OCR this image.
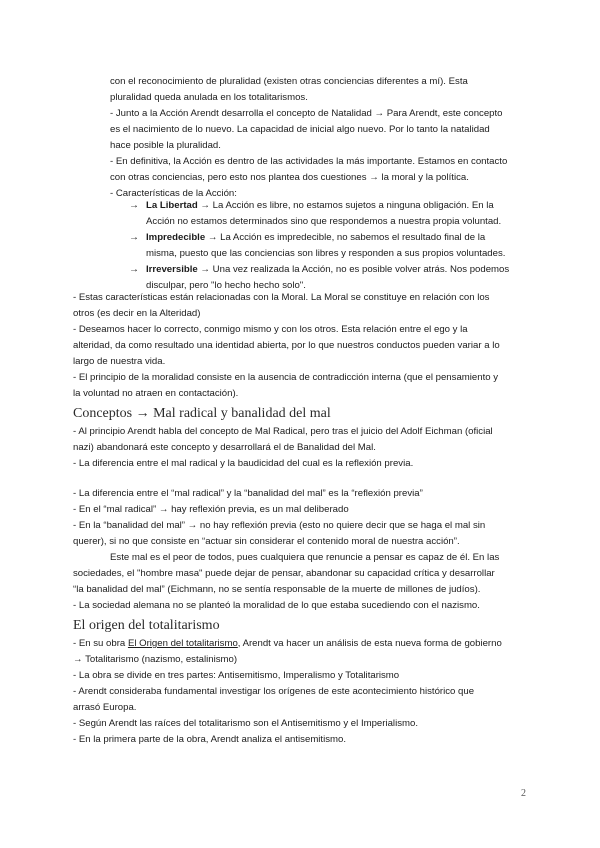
con el reconocimiento de pluralidad (existen otras conciencias diferentes a mí). Esta
pluralidad queda anulada en los totalitarismos.
- Junto a la Acción Arendt desarrolla el concepto de Natalidad → Para Arendt, este concepto
es el nacimiento de lo nuevo. La capacidad de inicial algo nuevo. Por lo tanto la natalidad
hace posible la pluralidad.
- En definitiva, la Acción es dentro de las actividades la más importante. Estamos en contacto
con otras conciencias, pero esto nos plantea dos cuestiones → la moral y la política.
- Características de la Acción:
→ La Libertad → La Acción es libre, no estamos sujetos a ninguna obligación. En la
Acción no estamos determinados sino que respondemos a nuestra propia voluntad.
→ Impredecible → La Acción es impredecible, no sabemos el resultado final de la
misma, puesto que las conciencias son libres y responden a sus propios voluntades.
→ Irreversible → Una vez realizada la Acción, no es posible volver atrás. Nos podemos
disculpar, pero "lo hecho hecho solo".
- Estas características están relacionadas con la Moral. La Moral se constituye en relación con los
otros (es decir en la Alteridad)
- Deseamos hacer lo correcto, conmigo mismo y con los otros. Esta relación entre el ego y la
alteridad, da como resultado una identidad abierta, por lo que nuestros conductos pueden variar a lo
largo de nuestra vida.
- El principio de la moralidad consiste en la ausencia de contradicción interna (que el pensamiento y
la voluntad no atraen en contactación).
Conceptos → Mal radical y banalidad del mal
- Al principio Arendt habla del concepto de Mal Radical, pero tras el juicio del Adolf Eichman (oficial
nazi) abandonará este concepto y desarrollará el de Banalidad del Mal.
- La diferencia entre el mal radical y la baudicidad del cual es la reflexión previa.
- La diferencia entre el “mal radical” y la “banalidad del mal” es la “reflexión previa”
- En el “mal radical” → hay reflexión previa, es un mal deliberado
- En la “banalidad del mal” → no hay reflexión previa (esto no quiere decir que se haga el mal sin
querer), si no que consiste en “actuar sin considerar el contenido moral de nuestra acción”.
Este mal es el peor de todos, pues cualquiera que renuncie a pensar es capaz de él. En las
sociedades, el "hombre masa" puede dejar de pensar, abandonar su capacidad crítica y desarrollar
“la banalidad del mal” (Eichmann, no se sentía responsable de la muerte de millones de judíos).
- La sociedad alemana no se planteó la moralidad de lo que estaba sucediendo con el nazismo.
El origen del totalitarismo
- En su obra El Origen del totalitarismo, Arendt va hacer un análisis de esta nueva forma de gobierno
→ Totalitarismo (nazismo, estalinismo)
- La obra se divide en tres partes: Antisemitismo, Imperalismo y Totalitarismo
- Arendt consideraba fundamental investigar los orígenes de este acontecimiento histórico que
arrasó Europa.
- Según Arendt las raíces del totalitarismo son el Antisemitismo y el Imperialismo.
- En la primera parte de la obra, Arendt analiza el antisemitismo.
2
